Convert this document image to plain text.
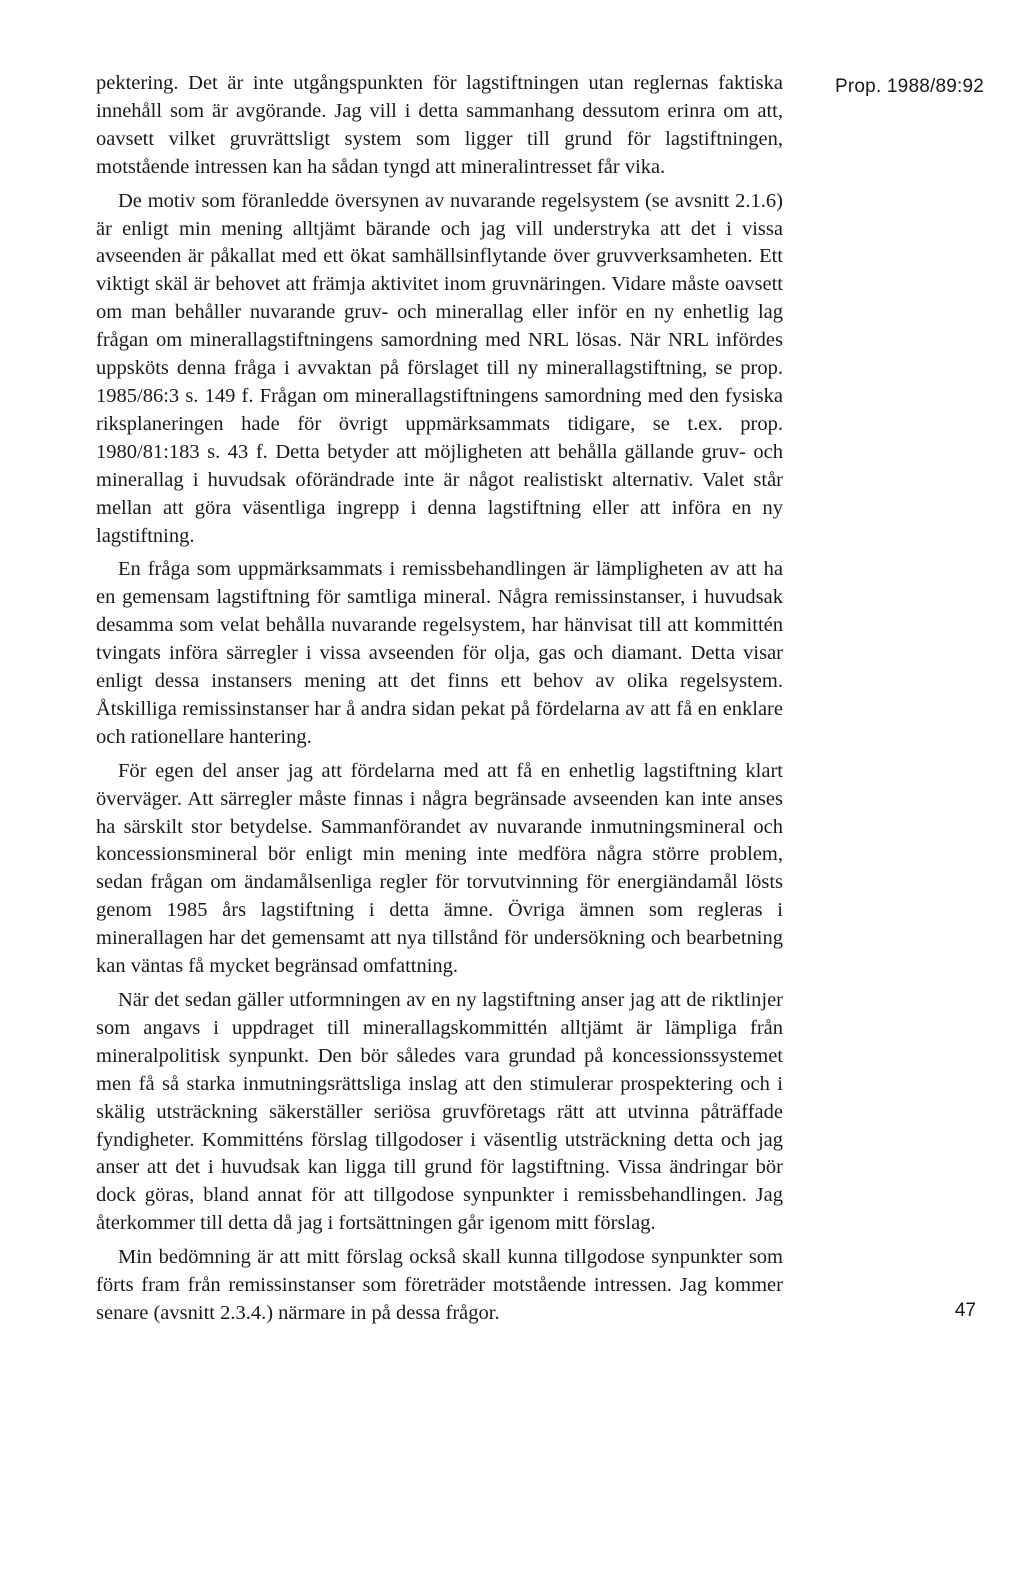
Prop. 1988/89:92

pektering. Det är inte utgångspunkten för lagstiftningen utan reglernas faktiska innehåll som är avgörande. Jag vill i detta sammanhang dessutom erinra om att, oavsett vilket gruvrättsligt system som ligger till grund för lagstiftningen, motstående intressen kan ha sådan tyngd att mineralintresset får vika.

De motiv som föranledde översynen av nuvarande regelsystem (se avsnitt 2.1.6) är enligt min mening alltjämt bärande och jag vill understryka att det i vissa avseenden är påkallat med ett ökat samhällsinflytande över gruvverksamheten. Ett viktigt skäl är behovet att främja aktivitet inom gruvnäringen. Vidare måste oavsett om man behåller nuvarande gruv- och minerallag eller inför en ny enhetlig lag frågan om minerallagstiftningens samordning med NRL lösas. När NRL infördes uppsköts denna fråga i avvaktan på förslaget till ny minerallagstiftning, se prop. 1985/86:3 s. 149 f. Frågan om minerallagstiftningens samordning med den fysiska riksplaneringen hade för övrigt uppmärksammats tidigare, se t.ex. prop. 1980/81:183 s. 43 f. Detta betyder att möjligheten att behålla gällande gruv- och minerallag i huvudsak oförändrade inte är något realistiskt alternativ. Valet står mellan att göra väsentliga ingrepp i denna lagstiftning eller att införa en ny lagstiftning.

En fråga som uppmärksammats i remissbehandlingen är lämpligheten av att ha en gemensam lagstiftning för samtliga mineral. Några remissinstanser, i huvudsak desamma som velat behålla nuvarande regelsystem, har hänvisat till att kommittén tvingats införa särregler i vissa avseenden för olja, gas och diamant. Detta visar enligt dessa instansers mening att det finns ett behov av olika regelsystem. Åtskilliga remissinstanser har å andra sidan pekat på fördelarna av att få en enklare och rationellare hantering.

För egen del anser jag att fördelarna med att få en enhetlig lagstiftning klart överväger. Att särregler måste finnas i några begränsade avseenden kan inte anses ha särskilt stor betydelse. Sammanförandet av nuvarande inmutningsmineral och koncessionsmineral bör enligt min mening inte medföra några större problem, sedan frågan om ändamålsenliga regler för torvutvinning för energiändamål lösts genom 1985 års lagstiftning i detta ämne. Övriga ämnen som regleras i minerallagen har det gemensamt att nya tillstånd för undersökning och bearbetning kan väntas få mycket begränsad omfattning.

När det sedan gäller utformningen av en ny lagstiftning anser jag att de riktlinjer som angavs i uppdraget till minerallagskommittén alltjämt är lämpliga från mineralpolitisk synpunkt. Den bör således vara grundad på koncessionssystemet men få så starka inmutningsrättsliga inslag att den stimulerar prospektering och i skälig utsträckning säkerställer seriösa gruvföretags rätt att utvinna påträffade fyndigheter. Kommitténs förslag tillgodoser i väsentlig utsträckning detta och jag anser att det i huvudsak kan ligga till grund för lagstiftning. Vissa ändringar bör dock göras, bland annat för att tillgodose synpunkter i remissbehandlingen. Jag återkommer till detta då jag i fortsättningen går igenom mitt förslag.

Min bedömning är att mitt förslag också skall kunna tillgodose synpunkter som förts fram från remissinstanser som företräder motstående intressen. Jag kommer senare (avsnitt 2.3.4.) närmare in på dessa frågor.	47
